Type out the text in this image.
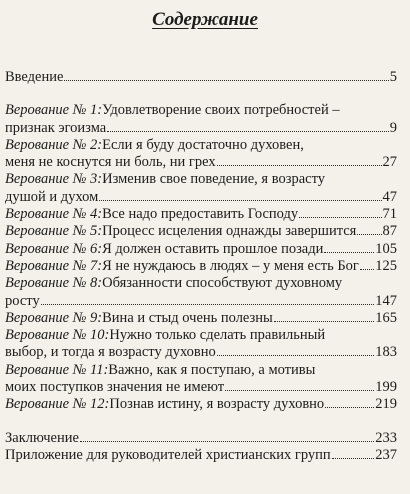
Содержание
Введение	5
Верование № 1: Удовлетворение своих потребностей –
признак эгоизма	9
Верование № 2: Если я буду достаточно духовен,
меня не коснутся ни боль, ни грех	27
Верование № 3: Изменив свое поведение, я возрасту
душой и духом	47
Верование № 4: Все надо предоставить Господу	71
Верование № 5: Процесс исцеления однажды завершится 87
Верование № 6: Я должен оставить прошлое позади	105
Верование № 7: Я не нуждаюсь в людях – у меня есть Бог 125
Верование № 8: Обязанности способствуют духовному
росту	147
Верование № 9: Вина и стыд очень полезны	165
Верование № 10: Нужно только сделать правильный
выбор, и тогда я возрасту духовно	183
Верование № 11: Важно, как я поступаю, а мотивы
моих поступков значения не имеют	199
Верование № 12: Познав истину, я возрасту духовно	219
Заключение	233
Приложение для руководителей христианских групп	237
